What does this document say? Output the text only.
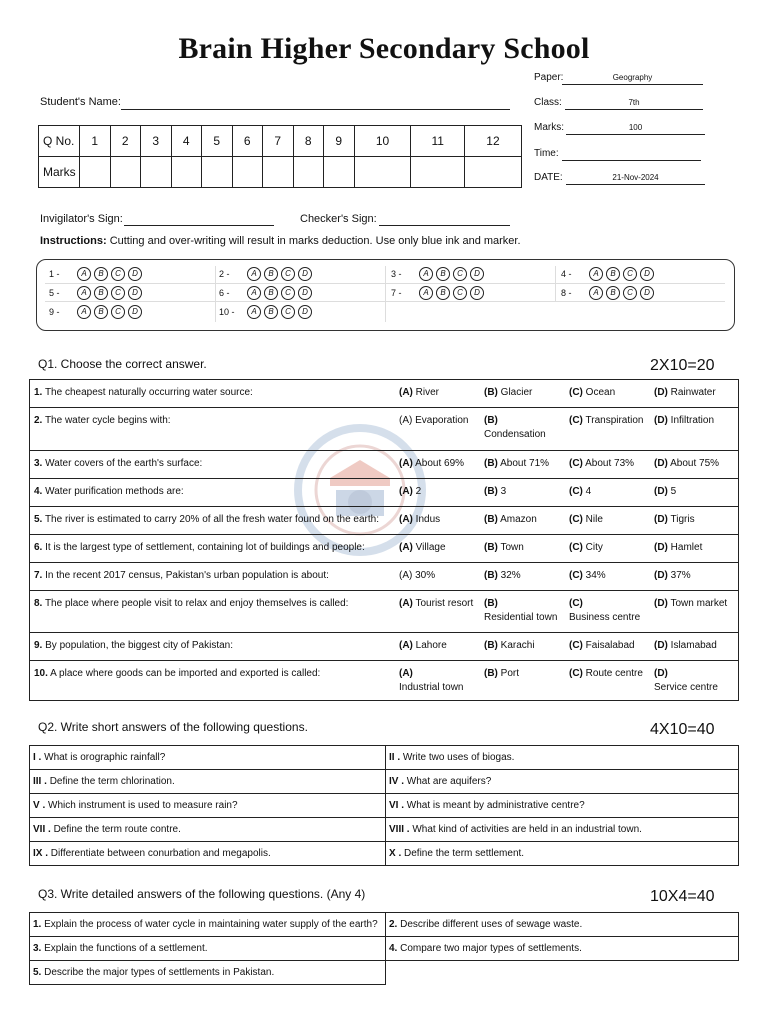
Brain Higher Secondary School
Paper:	Geography
Class:	7th
Marks:	100
Time:
DATE:	21-Nov-2024
Student's Name:
Q No.	1	2	3	4	5	6	7	8	9	10	11	12
Marks												
Invigilator's Sign:	Checker's Sign:
Instructions: Cutting and over-writing will result in marks deduction. Use only blue ink and marker.
1 -	A	B	C	D	2 -	A	B	C	D	3 -	A	B	C	D	4 -	A	B	C	D
5 -	A	B	C	D	6 -	A	B	C	D	7 -	A	B	C	D	8 -	A	B	C	D
9 -	A	B	C	D	10 -	A	B	C	D
Q1. Choose the correct answer.	2X10=20
1. The cheapest naturally occurring water source:	(A) River	(B) Glacier	(C) Ocean	(D) Rainwater
2. The water cycle begins with:	(A) Evaporation	(B)
Condensation	(C) Transpiration	(D) Infiltration
3. Water covers of the earth's surface:	(A) About 69%	(B) About 71%	(C) About 73%	(D) About 75%
4. Water purification methods are:	(A) 2	(B) 3	(C) 4	(D) 5
5. The river is estimated to carry 20% of all the fresh water found on the earth:	(A) Indus	(B) Amazon	(C) Nile	(D) Tigris
6. It is the largest type of settlement, containing lot of buildings and people:	(A) Village	(B) Town	(C) City	(D) Hamlet
7. In the recent 2017 census, Pakistan's urban population is about:	(A) 30%	(B) 32%	(C) 34%	(D) 37%
8. The place where people visit to relax and enjoy themselves is called:	(A) Tourist resort	(B)
Residential town	(C)
Business centre	(D) Town market
9. By population, the biggest city of Pakistan:	(A) Lahore	(B) Karachi	(C) Faisalabad	(D) Islamabad
10. A place where goods can be imported and exported is called:	(A)
Industrial town	(B) Port	(C) Route centre	(D)
Service centre
Q2. Write short answers of the following questions.	4X10=40
I . What is orographic rainfall?	II . Write two uses of biogas.
III . Define the term chlorination.	IV . What are aquifers?
V . Which instrument is used to measure rain?	VI . What is meant by administrative centre?
VII . Define the term route contre.	VIII . What kind of activities are held in an industrial town.
IX . Differentiate between conurbation and megapolis.	X . Define the term settlement.
Q3. Write detailed answers of the following questions. (Any 4)	10X4=40
1. Explain the process of water cycle in maintaining water supply of the earth?	2. Describe different uses of sewage waste.
3. Explain the functions of a settlement.	4. Compare two major types of settlements.
5. Describe the major types of settlements in Pakistan.	
